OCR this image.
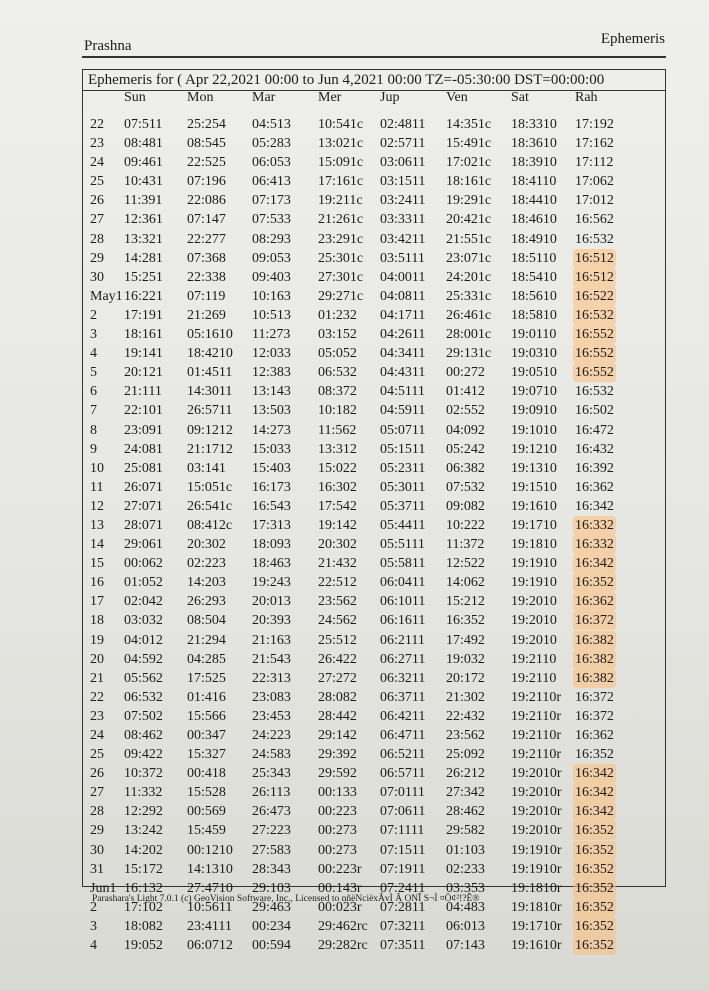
Prashna	Ephemeris
Ephemeris for ( Apr 22,2021 00:00 to Jun 4,2021 00:00 TZ=-05:30:00 DST=00:00:00
Sun	Mon	Mar	Mer	Jup	Ven	Sat	Rah
22 07:511 25:254 04:513 10:541c 02:4811 14:351c 18:3310 17:192
23 08:481 08:545 05:283 13:021c 02:5711 15:491c 18:3610 17:162
24 09:461 22:525 06:053 15:091c 03:0611 17:021c 18:3910 17:112
25 10:431 07:196 06:413 17:161c 03:1511 18:161c 18:4110 17:062
26 11:391 22:086 07:173 19:211c 03:2411 19:291c 18:4410 17:012
27 12:361 07:147 07:533 21:261c 03:3311 20:421c 18:4610 16:562
28 13:321 22:277 08:293 23:291c 03:4211 21:551c 18:4910 16:532
29 14:281 07:368 09:053 25:301c 03:5111 23:071c 18:5110 16:512
30 15:251 22:338 09:403 27:301c 04:0011 24:201c 18:5410 16:512
May1 16:221 07:119 10:163 29:271c 04:0811 25:331c 18:5610 16:522
2 17:191 21:269 10:513 01:232 04:1711 26:461c 18:5810 16:532
3 18:161 05:1610 11:273 03:152 04:2611 28:001c 19:0110 16:552
4 19:141 18:4210 12:033 05:052 04:3411 29:131c 19:0310 16:552
5 20:121 01:4511 12:383 06:532 04:4311 00:272 19:0510 16:552
6 21:111 14:3011 13:143 08:372 04:5111 01:412 19:0710 16:532
7 22:101 26:5711 13:503 10:182 04:5911 02:552 19:0910 16:502
8 23:091 09:1212 14:273 11:562 05:0711 04:092 19:1010 16:472
9 24:081 21:1712 15:033 13:312 05:1511 05:242 19:1210 16:432
10 25:081 03:141 15:403 15:022 05:2311 06:382 19:1310 16:392
11 26:071 15:051c 16:173 16:302 05:3011 07:532 19:1510 16:362
12 27:071 26:541c 16:543 17:542 05:3711 09:082 19:1610 16:342
13 28:071 08:412c 17:313 19:142 05:4411 10:222 19:1710 16:332
14 29:061 20:302 18:093 20:302 05:5111 11:372 19:1810 16:332
15 00:062 02:223 18:463 21:432 05:5811 12:522 19:1910 16:342
16 01:052 14:203 19:243 22:512 06:0411 14:062 19:1910 16:352
17 02:042 26:293 20:013 23:562 06:1011 15:212 19:2010 16:362
18 03:032 08:504 20:393 24:562 06:1611 16:352 19:2010 16:372
19 04:012 21:294 21:163 25:512 06:2111 17:492 19:2010 16:382
20 04:592 04:285 21:543 26:422 06:2711 19:032 19:2110 16:382
21 05:562 17:525 22:313 27:272 06:3211 20:172 19:2110 16:382
22 06:532 01:416 23:083 28:082 06:3711 21:302 19:2110r 16:372
23 07:502 15:566 23:453 28:442 06:4211 22:432 19:2110r 16:372
24 08:462 00:347 24:223 29:142 06:4711 23:562 19:2110r 16:362
25 09:422 15:327 24:583 29:392 06:5211 25:092 19:2110r 16:352
26 10:372 00:418 25:343 29:592 06:5711 26:212 19:2010r 16:342
27 11:332 15:528 26:113 00:133 07:0111 27:342 19:2010r 16:342
28 12:292 00:569 26:473 00:223 07:0611 28:462 19:2010r 16:342
29 13:242 15:459 27:223 00:273 07:1111 29:582 19:2010r 16:352
30 14:202 00:1210 27:583 00:273 07:1511 01:103 19:1910r 16:352
31 15:172 14:1310 28:343 00:223r 07:1911 02:233 19:1910r 16:352
Jun1 16:132 27:4710 29:103 00:143r 07:2411 03:353 19:1810r 16:352
2 17:102 10:5611 29:463 00:023r 07:2811 04:483 19:1810r 16:352
3 18:082 23:4111 00:234 29:462rc 07:3211 06:013 19:1710r 16:352
4 19:052 06:0712 00:594 29:282rc 07:3511 07:143 19:1610r 16:352
Parashara's Light 7.0.1 (c) GeoVision Software, Inc., Licensed to nñëNciëxÂvÌ Ã ONÎ S¬Ì ¤Ö¢²!?Ê®
